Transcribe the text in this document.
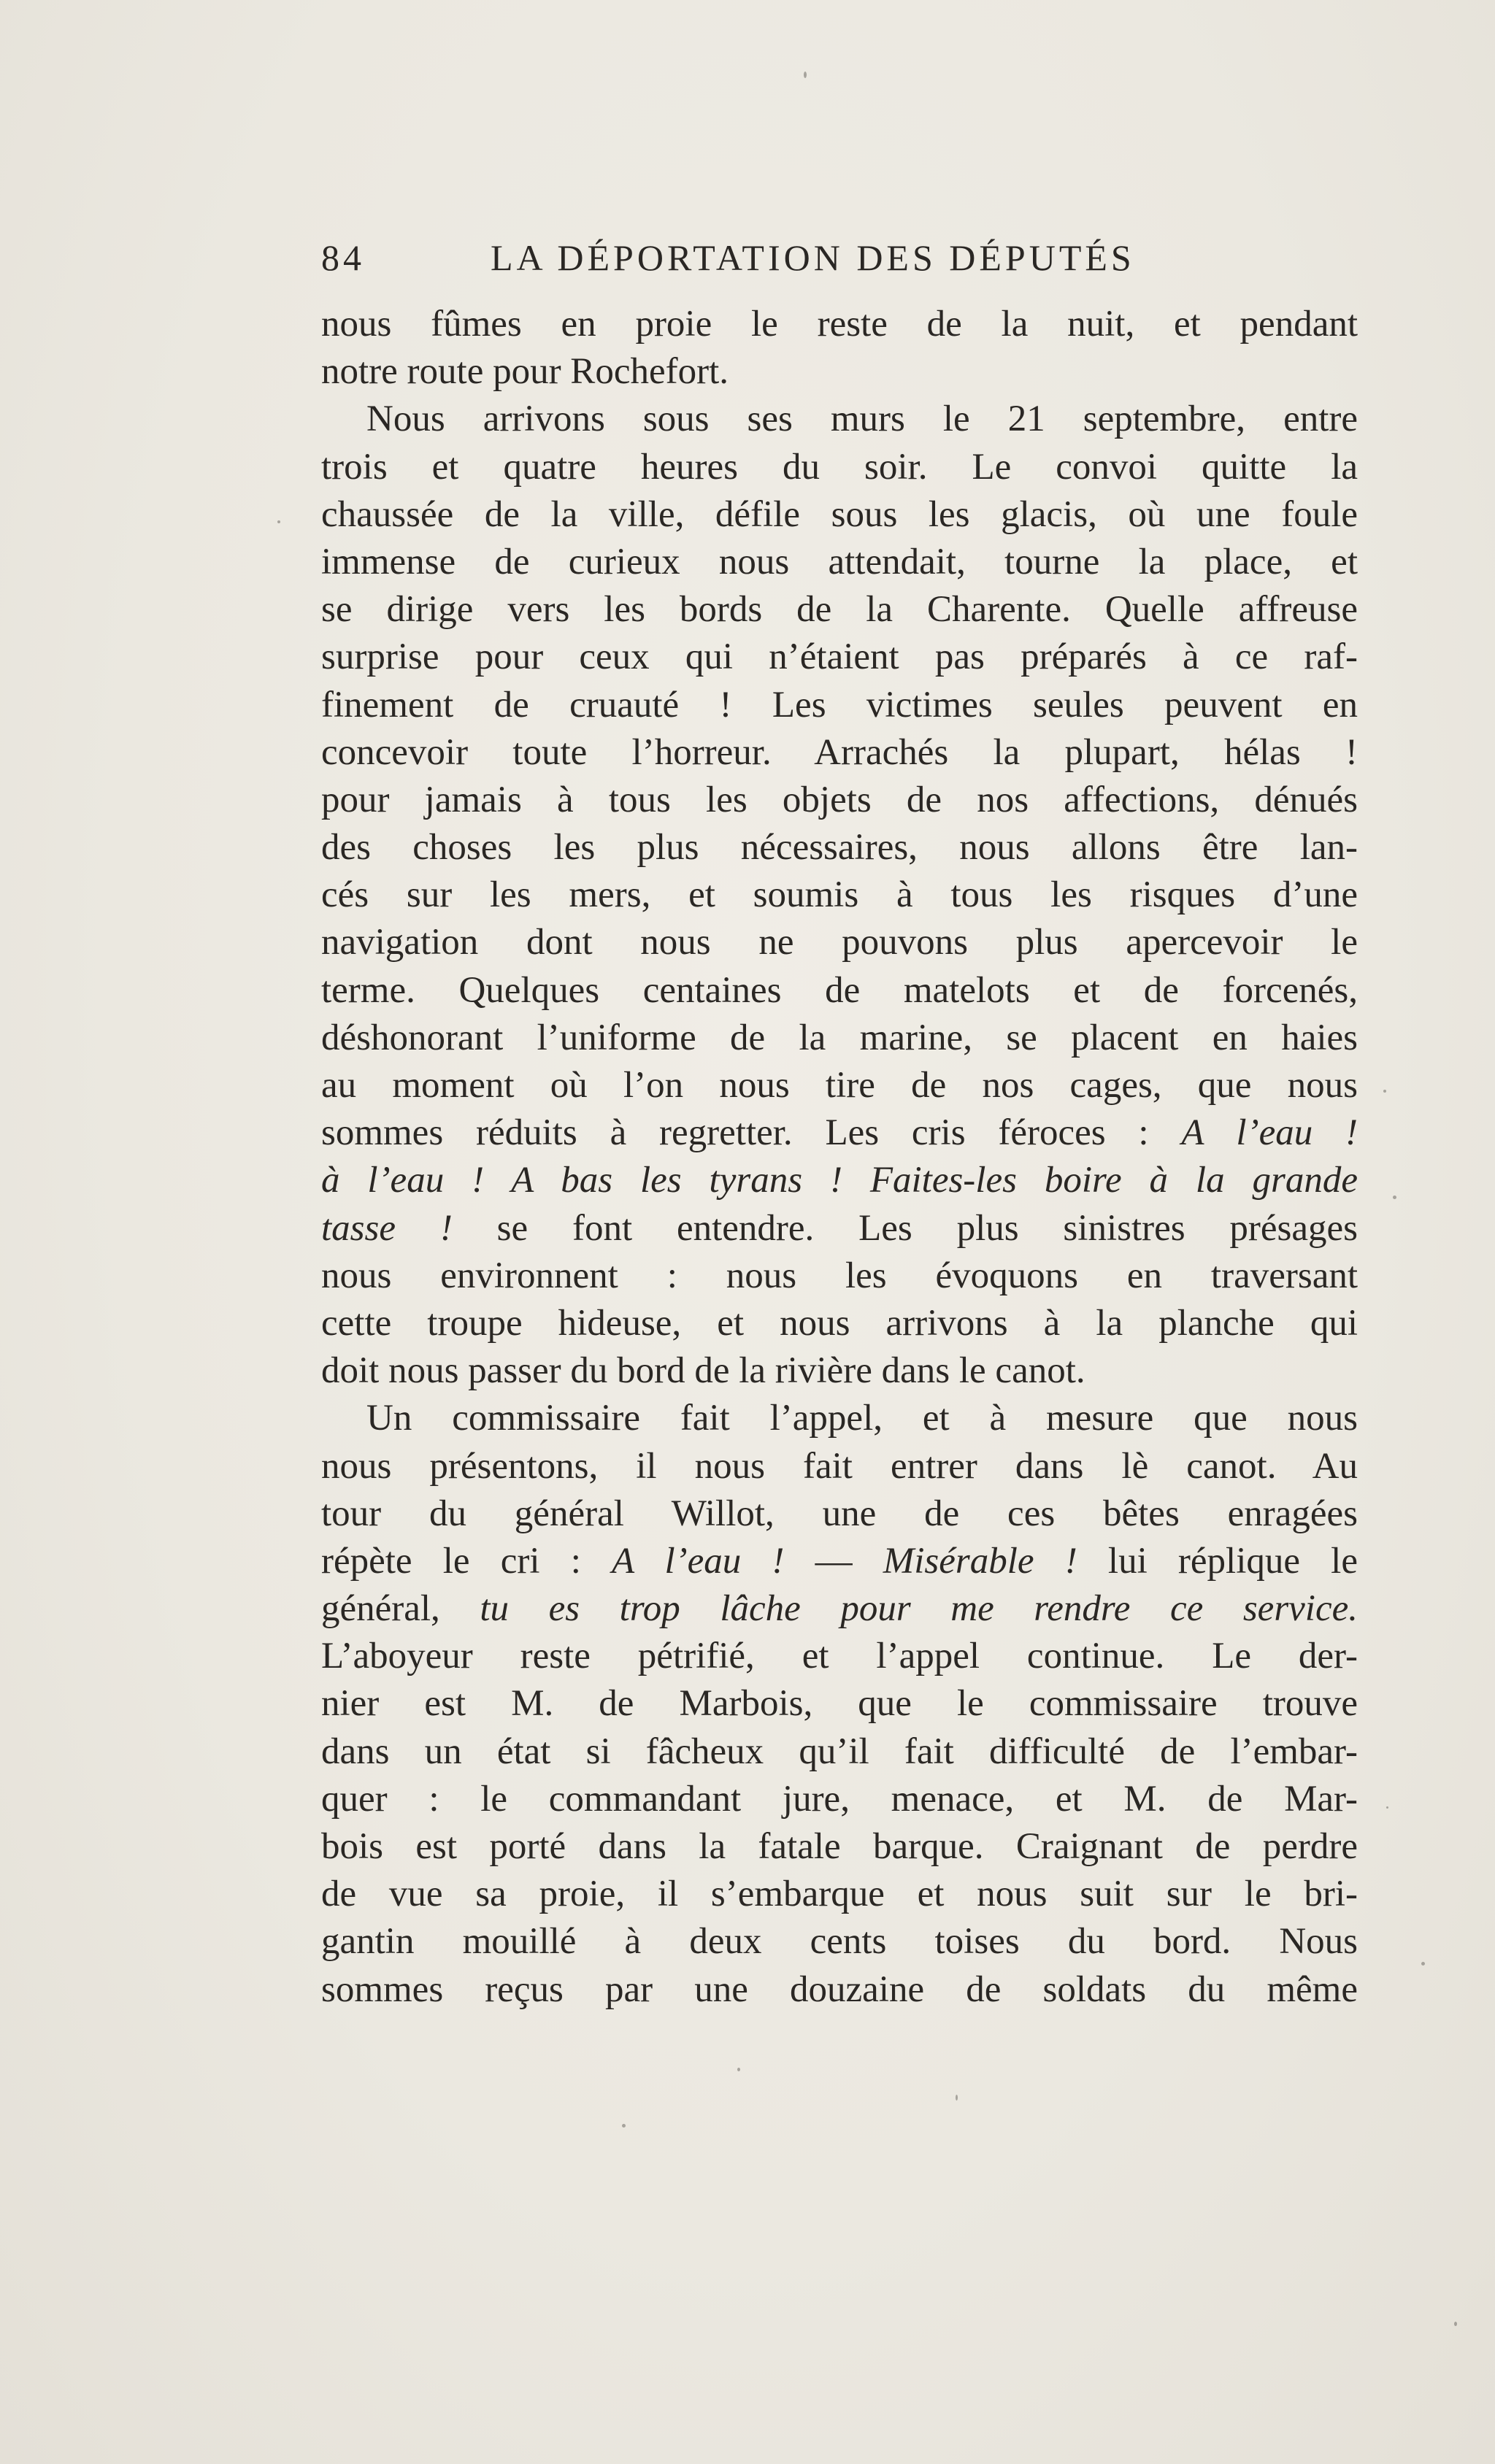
84	LA DÉPORTATION DES DÉPUTÉS
nous fûmes en proie le reste de la nuit, et pendant
notre route pour Rochefort.
Nous arrivons sous ses murs le 21 septembre, entre
trois et quatre heures du soir. Le convoi quitte la
chaussée de la ville, défile sous les glacis, où une foule
immense de curieux nous attendait, tourne la place, et
se dirige vers les bords de la Charente. Quelle affreuse
surprise pour ceux qui n’étaient pas préparés à ce raf-
finement de cruauté ! Les victimes seules peuvent en
concevoir toute l’horreur. Arrachés la plupart, hélas !
pour jamais à tous les objets de nos affections, dénués
des choses les plus nécessaires, nous allons être lan-
cés sur les mers, et soumis à tous les risques d’une
navigation dont nous ne pouvons plus apercevoir le
terme. Quelques centaines de matelots et de forcenés,
déshonorant l’uniforme de la marine, se placent en haies
au moment où l’on nous tire de nos cages, que nous
sommes réduits à regretter. Les cris féroces : A l’eau !
à l’eau ! A bas les tyrans ! Faites-les boire à la grande
tasse ! se font entendre. Les plus sinistres présages
nous environnent : nous les évoquons en traversant
cette troupe hideuse, et nous arrivons à la planche qui
doit nous passer du bord de la rivière dans le canot.
Un commissaire fait l’appel, et à mesure que nous
nous présentons, il nous fait entrer dans lè canot. Au
tour du général Willot, une de ces bêtes enragées
répète le cri : A l’eau ! — Misérable ! lui réplique le
général, tu es trop lâche pour me rendre ce service.
L’aboyeur reste pétrifié, et l’appel continue. Le der-
nier est M. de Marbois, que le commissaire trouve
dans un état si fâcheux qu’il fait difficulté de l’embar-
quer : le commandant jure, menace, et M. de Mar-
bois est porté dans la fatale barque. Craignant de perdre
de vue sa proie, il s’embarque et nous suit sur le bri-
gantin mouillé à deux cents toises du bord. Nous
sommes reçus par une douzaine de soldats du même
